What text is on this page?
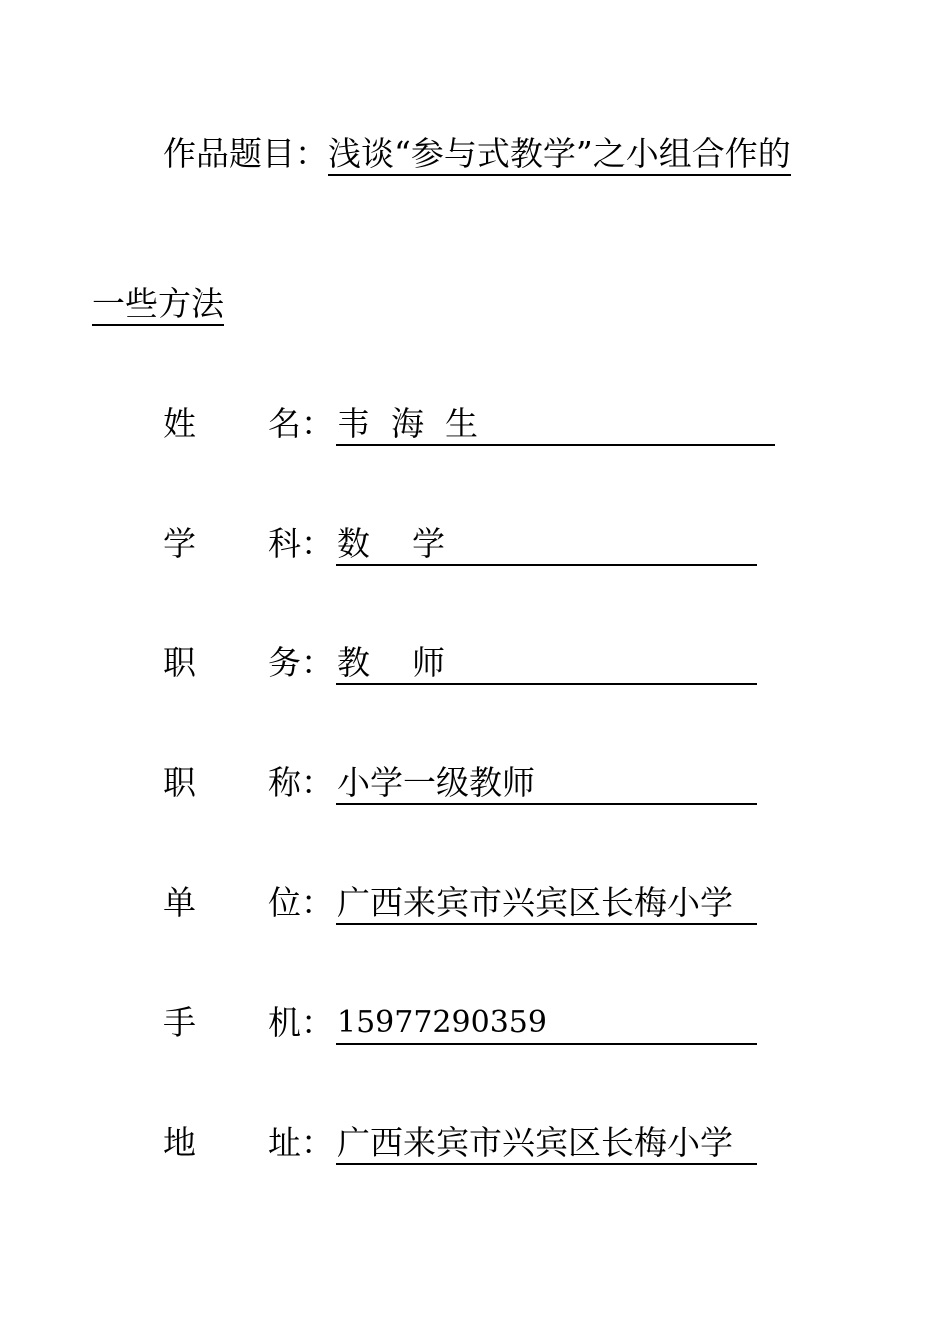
作品题目：浅谈“参与式教学”之小组合作的
一些方法
姓 名： 韦  海  生
学 科： 数    学
职 务： 教    师
职 称： 小学一级教师
单 位： 广西来宾市兴宾区长梅小学
手 机： 15977290359
地 址： 广西来宾市兴宾区长梅小学
